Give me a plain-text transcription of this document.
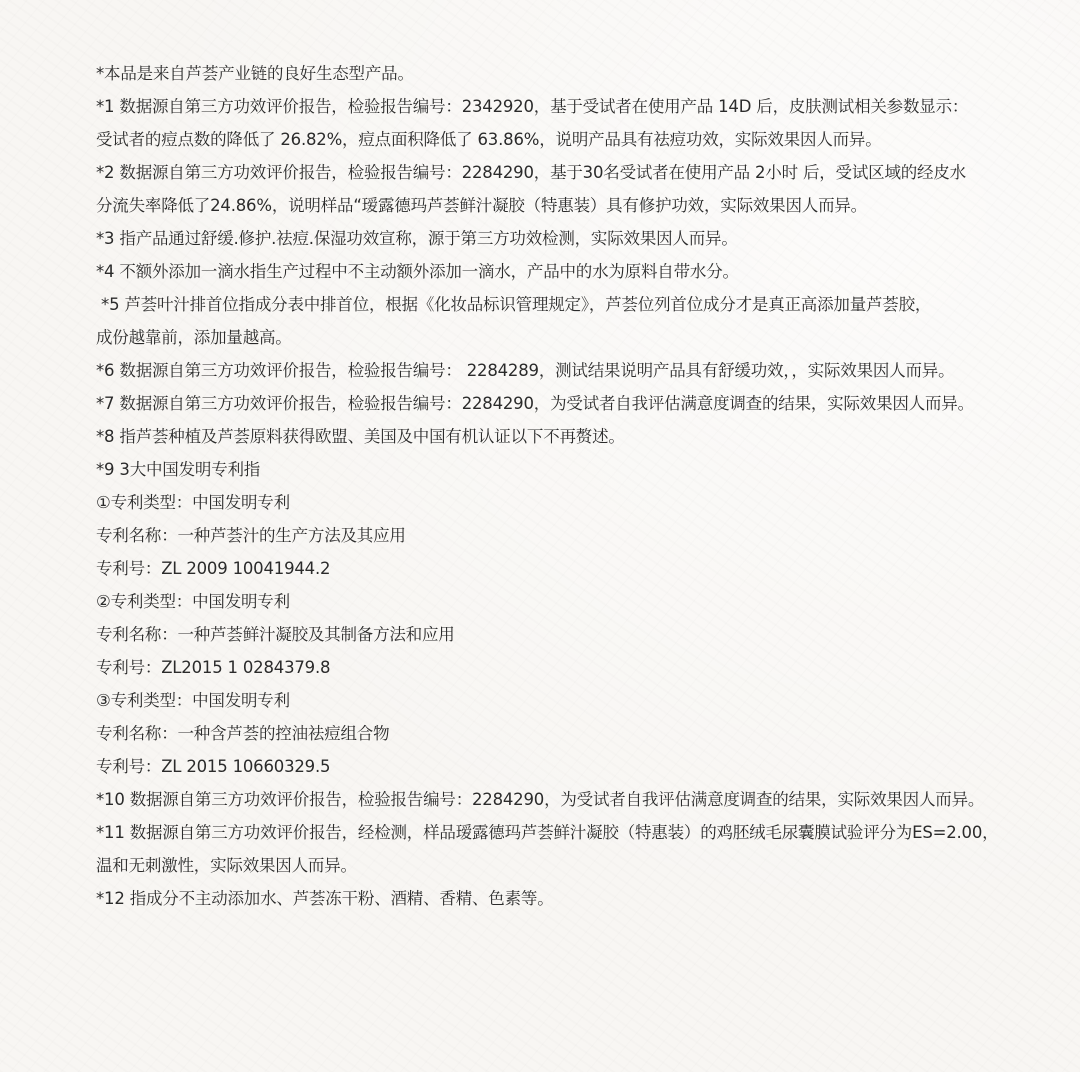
*本品是来自芦荟产业链的良好生态型产品。
*1 数据源自第三方功效评价报告，检验报告编号：2342920，基于受试者在使用产品 14D 后，皮肤测试相关参数显示：
受试者的痘点数的降低了 26.82%，痘点面积降低了 63.86%，说明产品具有祛痘功效，实际效果因人而异。
*2 数据源自第三方功效评价报告，检验报告编号：2284290，基于30名受试者在使用产品 2小时 后，受试区域的经皮水
分流失率降低了24.86%，说明样品“瑷露德玛芦荟鲜汁凝胶（特惠装）具有修护功效，实际效果因人而异。
*3 指产品通过舒缓.修护.祛痘.保湿功效宣称，源于第三方功效检测，实际效果因人而异。
*4 不额外添加一滴水指生产过程中不主动额外添加一滴水，产品中的水为原料自带水分。
*5 芦荟叶汁排首位指成分表中排首位，根据《化妆品标识管理规定》，芦荟位列首位成分才是真正高添加量芦荟胶，
成份越靠前，添加量越高。
*6 数据源自第三方功效评价报告，检验报告编号： 2284289，测试结果说明产品具有舒缓功效，，实际效果因人而异。
*7 数据源自第三方功效评价报告，检验报告编号：2284290，为受试者自我评估满意度调查的结果，实际效果因人而异。
*8 指芦荟种植及芦荟原料获得欧盟、美国及中国有机认证以下不再赘述。
*9 3大中国发明专利指
①专利类型：中国发明专利
专利名称：一种芦荟汁的生产方法及其应用
专利号：ZL 2009 10041944.2
②专利类型：中国发明专利
专利名称：一种芦荟鲜汁凝胶及其制备方法和应用
专利号：ZL2015 1 0284379.8
③专利类型：中国发明专利
专利名称：一种含芦荟的控油祛痘组合物
专利号：ZL 2015 10660329.5
*10 数据源自第三方功效评价报告，检验报告编号：2284290，为受试者自我评估满意度调查的结果，实际效果因人而异。
*11 数据源自第三方功效评价报告，经检测，样品瑷露德玛芦荟鲜汁凝胶（特惠装）的鸡胚绒毛尿囊膜试验评分为ES=2.00，
温和无刺激性，实际效果因人而异。
*12 指成分不主动添加水、芦荟冻干粉、酒精、香精、色素等。
